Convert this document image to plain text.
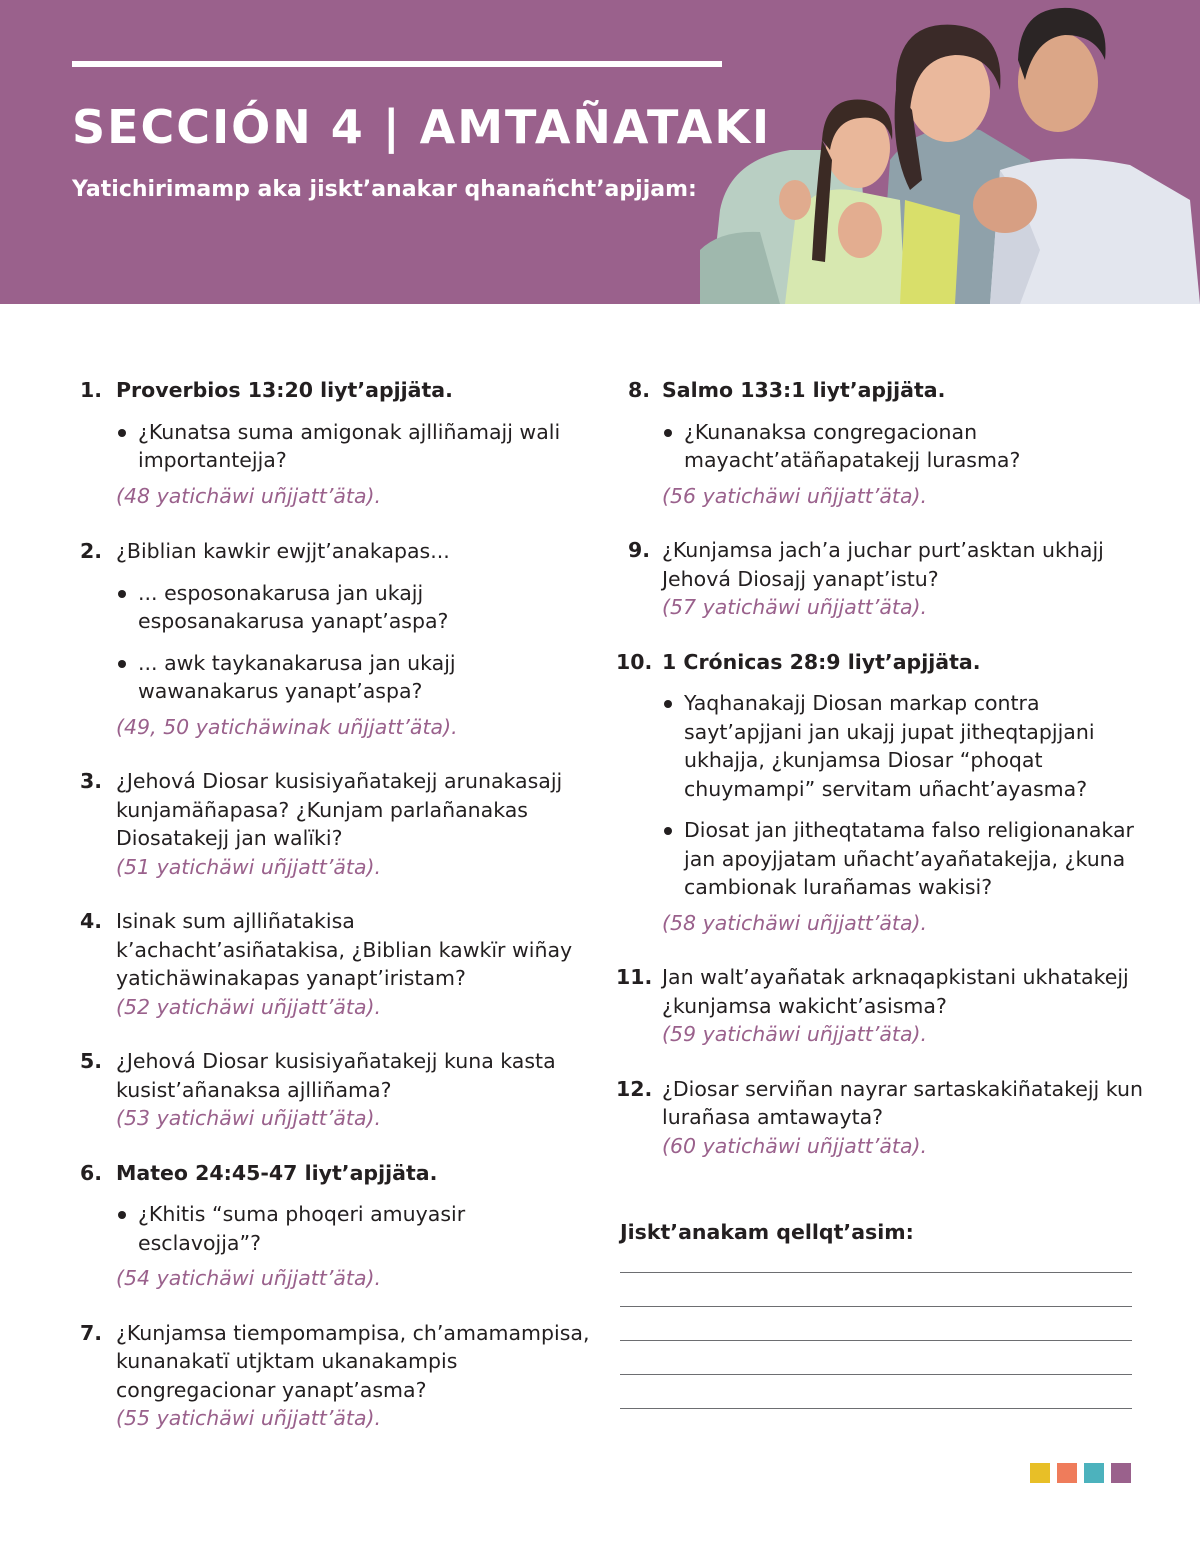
SECCIÓN 4 | AMTAÑATAKI

Yatichirimamp aka jiskt’anakar qhanañcht’apjjam:

1. Proverbios 13:20 liyt’apjjäta.
¿Kunatsa suma amigonak ajlliñamajj wali importantejja?
(48 yatichäwi uñjjatt’äta).
2. ¿Biblian kawkir ewjjt’anakapas...
... esposonakarusa jan ukajj esposanakarusa yanapt’aspa?
... awk taykanakarusa jan ukajj wawanakarus yanapt’aspa?
(49, 50 yatichäwinak uñjjatt’äta).
3. ¿Jehová Diosar kusisiyañatakejj arunakasajj kunjamäñapasa? ¿Kunjam parlañanakas Diosatakejj jan walïki?
(51 yatichäwi uñjjatt’äta).
4. Isinak sum ajlliñatakisa k’achacht’asiñatakisa, ¿Biblian kawkïr wiñay yatichäwinakapas yanapt’iristam?
(52 yatichäwi uñjjatt’äta).
5. ¿Jehová Diosar kusisiyañatakejj kuna kasta kusist’añanaksa ajlliñama?
(53 yatichäwi uñjjatt’äta).
6. Mateo 24:45-47 liyt’apjjäta.
¿Khitis “suma phoqeri amuyasir esclavojja”?
(54 yatichäwi uñjjatt’äta).
7. ¿Kunjamsa tiempomampisa, ch’amamampisa, kunanakatï utjktam ukanakampis congregacionar yanapt’asma?
(55 yatichäwi uñjjatt’äta).
8. Salmo 133:1 liyt’apjjäta.
¿Kunanaksa congregacionan mayacht’atäñapatakejj lurasma?
(56 yatichäwi uñjjatt’äta).
9. ¿Kunjamsa jach’a juchar purt’asktan ukhajj Jehová Diosajj yanapt’istu?
(57 yatichäwi uñjjatt’äta).
10. 1 Crónicas 28:9 liyt’apjjäta.
Yaqhanakajj Diosan markap contra sayt’apjjani jan ukajj jupat jitheqtapjjani ukhajja, ¿kunjamsa Diosar “phoqat chuymampi” servitam uñacht’ayasma?
Diosat jan jitheqtatama falso religionanakar jan apoyjjatam uñacht’ayañatakejja, ¿kuna cambionak lurañamas wakisi?
(58 yatichäwi uñjjatt’äta).
11. Jan walt’ayañatak arknaqapkistani ukhatakejj ¿kunjamsa wakicht’asisma?
(59 yatichäwi uñjjatt’äta).
12. ¿Diosar serviñan nayrar sartaskakiñatakejj kun lurañasa amtawayta?
(60 yatichäwi uñjjatt’äta).

Jiskt’anakam qellqt’asim:
